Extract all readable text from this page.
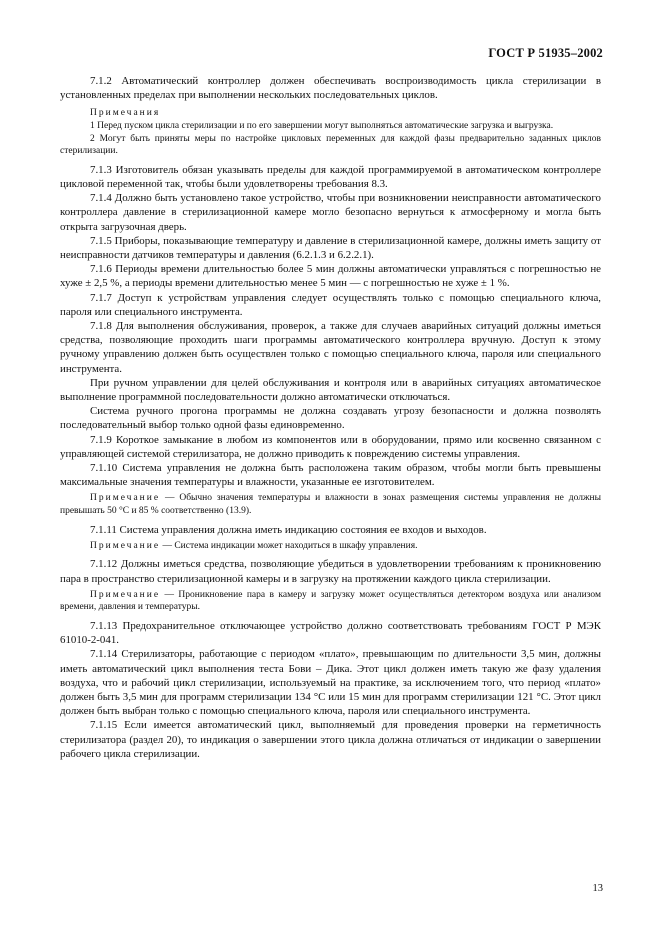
ГОСТ Р 51935–2002

7.1.2 Автоматический контроллер должен обеспечивать воспроизводимость цикла стерилизации в установленных пределах при выполнении нескольких последовательных циклов.

Примечания

1 Перед пуском цикла стерилизации и по его завершении могут выполняться автоматические загрузка и выгрузка.

2 Могут быть приняты меры по настройке цикловых переменных для каждой фазы предварительно заданных циклов стерилизации.

7.1.3 Изготовитель обязан указывать пределы для каждой программируемой в автоматическом контроллере цикловой переменной так, чтобы были удовлетворены требования 8.3.

7.1.4 Должно быть установлено такое устройство, чтобы при возникновении неисправности автоматического контроллера давление в стерилизационной камере могло безопасно вернуться к атмосферному и могла быть открыта загрузочная дверь.

7.1.5 Приборы, показывающие температуру и давление в стерилизационной камере, должны иметь защиту от неисправности датчиков температуры и давления (6.2.1.3 и 6.2.2.1).

7.1.6 Периоды времени длительностью более 5 мин должны автоматически управляться с погрешностью не хуже ± 2,5 %, а периоды времени длительностью менее 5 мин — с погрешностью не хуже ± 1 %.

7.1.7 Доступ к устройствам управления следует осуществлять только с помощью специального ключа, пароля или специального инструмента.

7.1.8 Для выполнения обслуживания, проверок, а также для случаев аварийных ситуаций должны иметься средства, позволяющие проходить шаги программы автоматического контроллера вручную. Доступ к этому ручному управлению должен быть осуществлен только с помощью специального ключа, пароля или специального инструмента.

При ручном управлении для целей обслуживания и контроля или в аварийных ситуациях автоматическое выполнение программной последовательности должно автоматически отключаться.

Система ручного прогона программы не должна создавать угрозу безопасности и должна позволять последовательный выбор только одной фазы единовременно.

7.1.9 Короткое замыкание в любом из компонентов или в оборудовании, прямо или косвенно связанном с управляющей системой стерилизатора, не должно приводить к повреждению системы управления.

7.1.10 Система управления не должна быть расположена таким образом, чтобы могли быть превышены максимальные значения температуры и влажности, указанные ее изготовителем.

Примечание — Обычно значения температуры и влажности в зонах размещения системы управления не должны превышать 50 °С и 85 % соответственно (13.9).

7.1.11 Система управления должна иметь индикацию состояния ее входов и выходов.

Примечание — Система индикации может находиться в шкафу управления.

7.1.12 Должны иметься средства, позволяющие убедиться в удовлетворении требованиям к проникновению пара в пространство стерилизационной камеры и в загрузку на протяжении каждого цикла стерилизации.

Примечание — Проникновение пара в камеру и загрузку может осуществляться детектором воздуха или анализом времени, давления и температуры.

7.1.13 Предохранительное отключающее устройство должно соответствовать требованиям ГОСТ Р МЭК 61010-2-041.

7.1.14 Стерилизаторы, работающие с периодом «плато», превышающим по длительности 3,5 мин, должны иметь автоматический цикл выполнения теста Бови – Дика. Этот цикл должен иметь такую же фазу удаления воздуха, что и рабочий цикл стерилизации, используемый на практике, за исключением того, что период «плато» должен быть 3,5 мин для программ стерилизации 134 °С или 15 мин для программ стерилизации 121 °С. Этот цикл должен быть выбран только с помощью специального ключа, пароля или специального инструмента.

7.1.15 Если имеется автоматический цикл, выполняемый для проведения проверки на герметичность стерилизатора (раздел 20), то индикация о завершении этого цикла должна отличаться от индикации о завершении рабочего цикла стерилизации.

13
